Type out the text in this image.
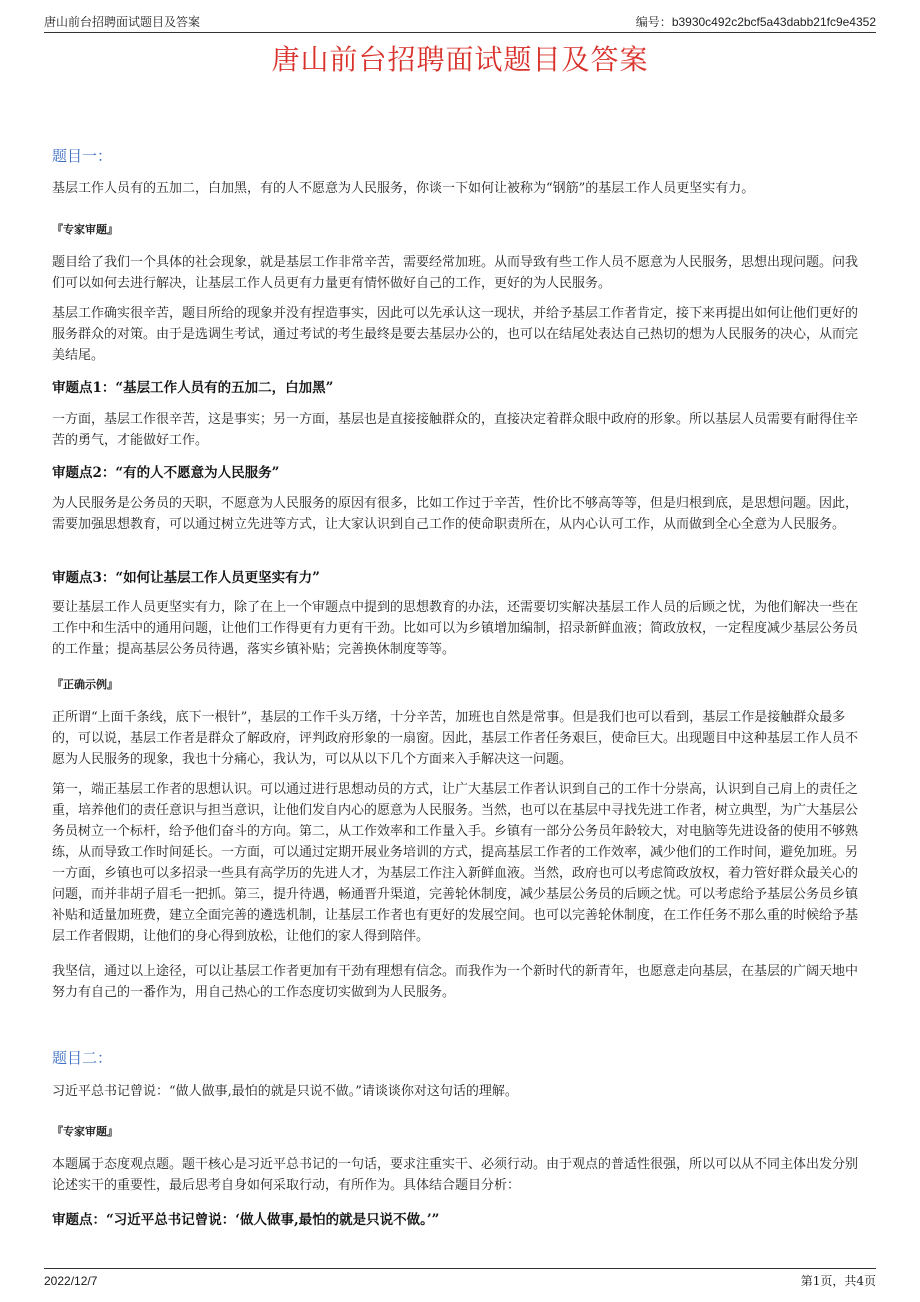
唐山前台招聘面试题目及答案	编号：b3930c492c2bcf5a43dabb21fc9e4352
唐山前台招聘面试题目及答案
题目一：
基层工作人员有的五加二，白加黑，有的人不愿意为人民服务，你谈一下如何让被称为“钢筋”的基层工作人员更坚实有力。
『专家审题』
题目给了我们一个具体的社会现象，就是基层工作非常辛苦，需要经常加班。从而导致有些工作人员不愿意为人民服务，思想出现问题。问我们可以如何去进行解决，让基层工作人员更有力量更有情怀做好自己的工作，更好的为人民服务。
基层工作确实很辛苦，题目所给的现象并没有捏造事实，因此可以先承认这一现状，并给予基层工作者肯定，接下来再提出如何让他们更好的服务群众的对策。由于是选调生考试，通过考试的考生最终是要去基层办公的，也可以在结尾处表达自己热切的想为人民服务的决心，从而完美结尾。
审题点1：“基层工作人员有的五加二，白加黑”
一方面，基层工作很辛苦，这是事实；另一方面，基层也是直接接触群众的，直接决定着群众眼中政府的形象。所以基层人员需要有耐得住辛苦的勇气，才能做好工作。
审题点2：“有的人不愿意为人民服务”
为人民服务是公务员的天职，不愿意为人民服务的原因有很多，比如工作过于辛苦，性价比不够高等等，但是归根到底，是思想问题。因此，需要加强思想教育，可以通过树立先进等方式，让大家认识到自己工作的使命职责所在，从内心认可工作，从而做到全心全意为人民服务。
审题点3：“如何让基层工作人员更坚实有力”
要让基层工作人员更坚实有力，除了在上一个审题点中提到的思想教育的办法，还需要切实解决基层工作人员的后顾之忧，为他们解决一些在工作中和生活中的通用问题，让他们工作得更有力更有干劲。比如可以为乡镇增加编制，招录新鲜血液；简政放权，一定程度减少基层公务员的工作量；提高基层公务员待遇，落实乡镇补贴；完善换休制度等等。
『正确示例』
正所谓“上面千条线，底下一根针”，基层的工作千头万绪，十分辛苦，加班也自然是常事。但是我们也可以看到，基层工作是接触群众最多的，可以说，基层工作者是群众了解政府，评判政府形象的一扇窗。因此，基层工作者任务艰巨，使命巨大。出现题目中这种基层工作人员不愿为人民服务的现象，我也十分痛心，我认为，可以从以下几个方面来入手解决这一问题。
第一，端正基层工作者的思想认识。可以通过进行思想动员的方式，让广大基层工作者认识到自己的工作十分崇高，认识到自己肩上的责任之重，培养他们的责任意识与担当意识，让他们发自内心的愿意为人民服务。当然，也可以在基层中寻找先进工作者，树立典型，为广大基层公务员树立一个标杆，给予他们奋斗的方向。第二，从工作效率和工作量入手。乡镇有一部分公务员年龄较大，对电脑等先进设备的使用不够熟练，从而导致工作时间延长。一方面，可以通过定期开展业务培训的方式，提高基层工作者的工作效率，减少他们的工作时间，避免加班。另一方面，乡镇也可以多招录一些具有高学历的先进人才，为基层工作注入新鲜血液。当然，政府也可以考虑简政放权，着力管好群众最关心的问题，而并非胡子眉毛一把抓。第三，提升待遇，畅通晋升渠道，完善轮休制度，减少基层公务员的后顾之忧。可以考虑给予基层公务员乡镇补贴和适量加班费，建立全面完善的遴选机制，让基层工作者也有更好的发展空间。也可以完善轮休制度，在工作任务不那么重的时候给予基层工作者假期，让他们的身心得到放松，让他们的家人得到陪伴。
我坚信，通过以上途径，可以让基层工作者更加有干劲有理想有信念。而我作为一个新时代的新青年，也愿意走向基层，在基层的广阔天地中努力有自己的一番作为，用自己热心的工作态度切实做到为人民服务。
题目二：
习近平总书记曾说：“做人做事,最怕的就是只说不做。”请谈谈你对这句话的理解。
『专家审题』
本题属于态度观点题。题干核心是习近平总书记的一句话，要求注重实干、必须行动。由于观点的普适性很强，所以可以从不同主体出发分别论述实干的重要性，最后思考自身如何采取行动，有所作为。具体结合题目分析：
审题点：“习近平总书记曾说：‘做人做事,最怕的就是只说不做。’”
2022/12/7	第1页，共4页
